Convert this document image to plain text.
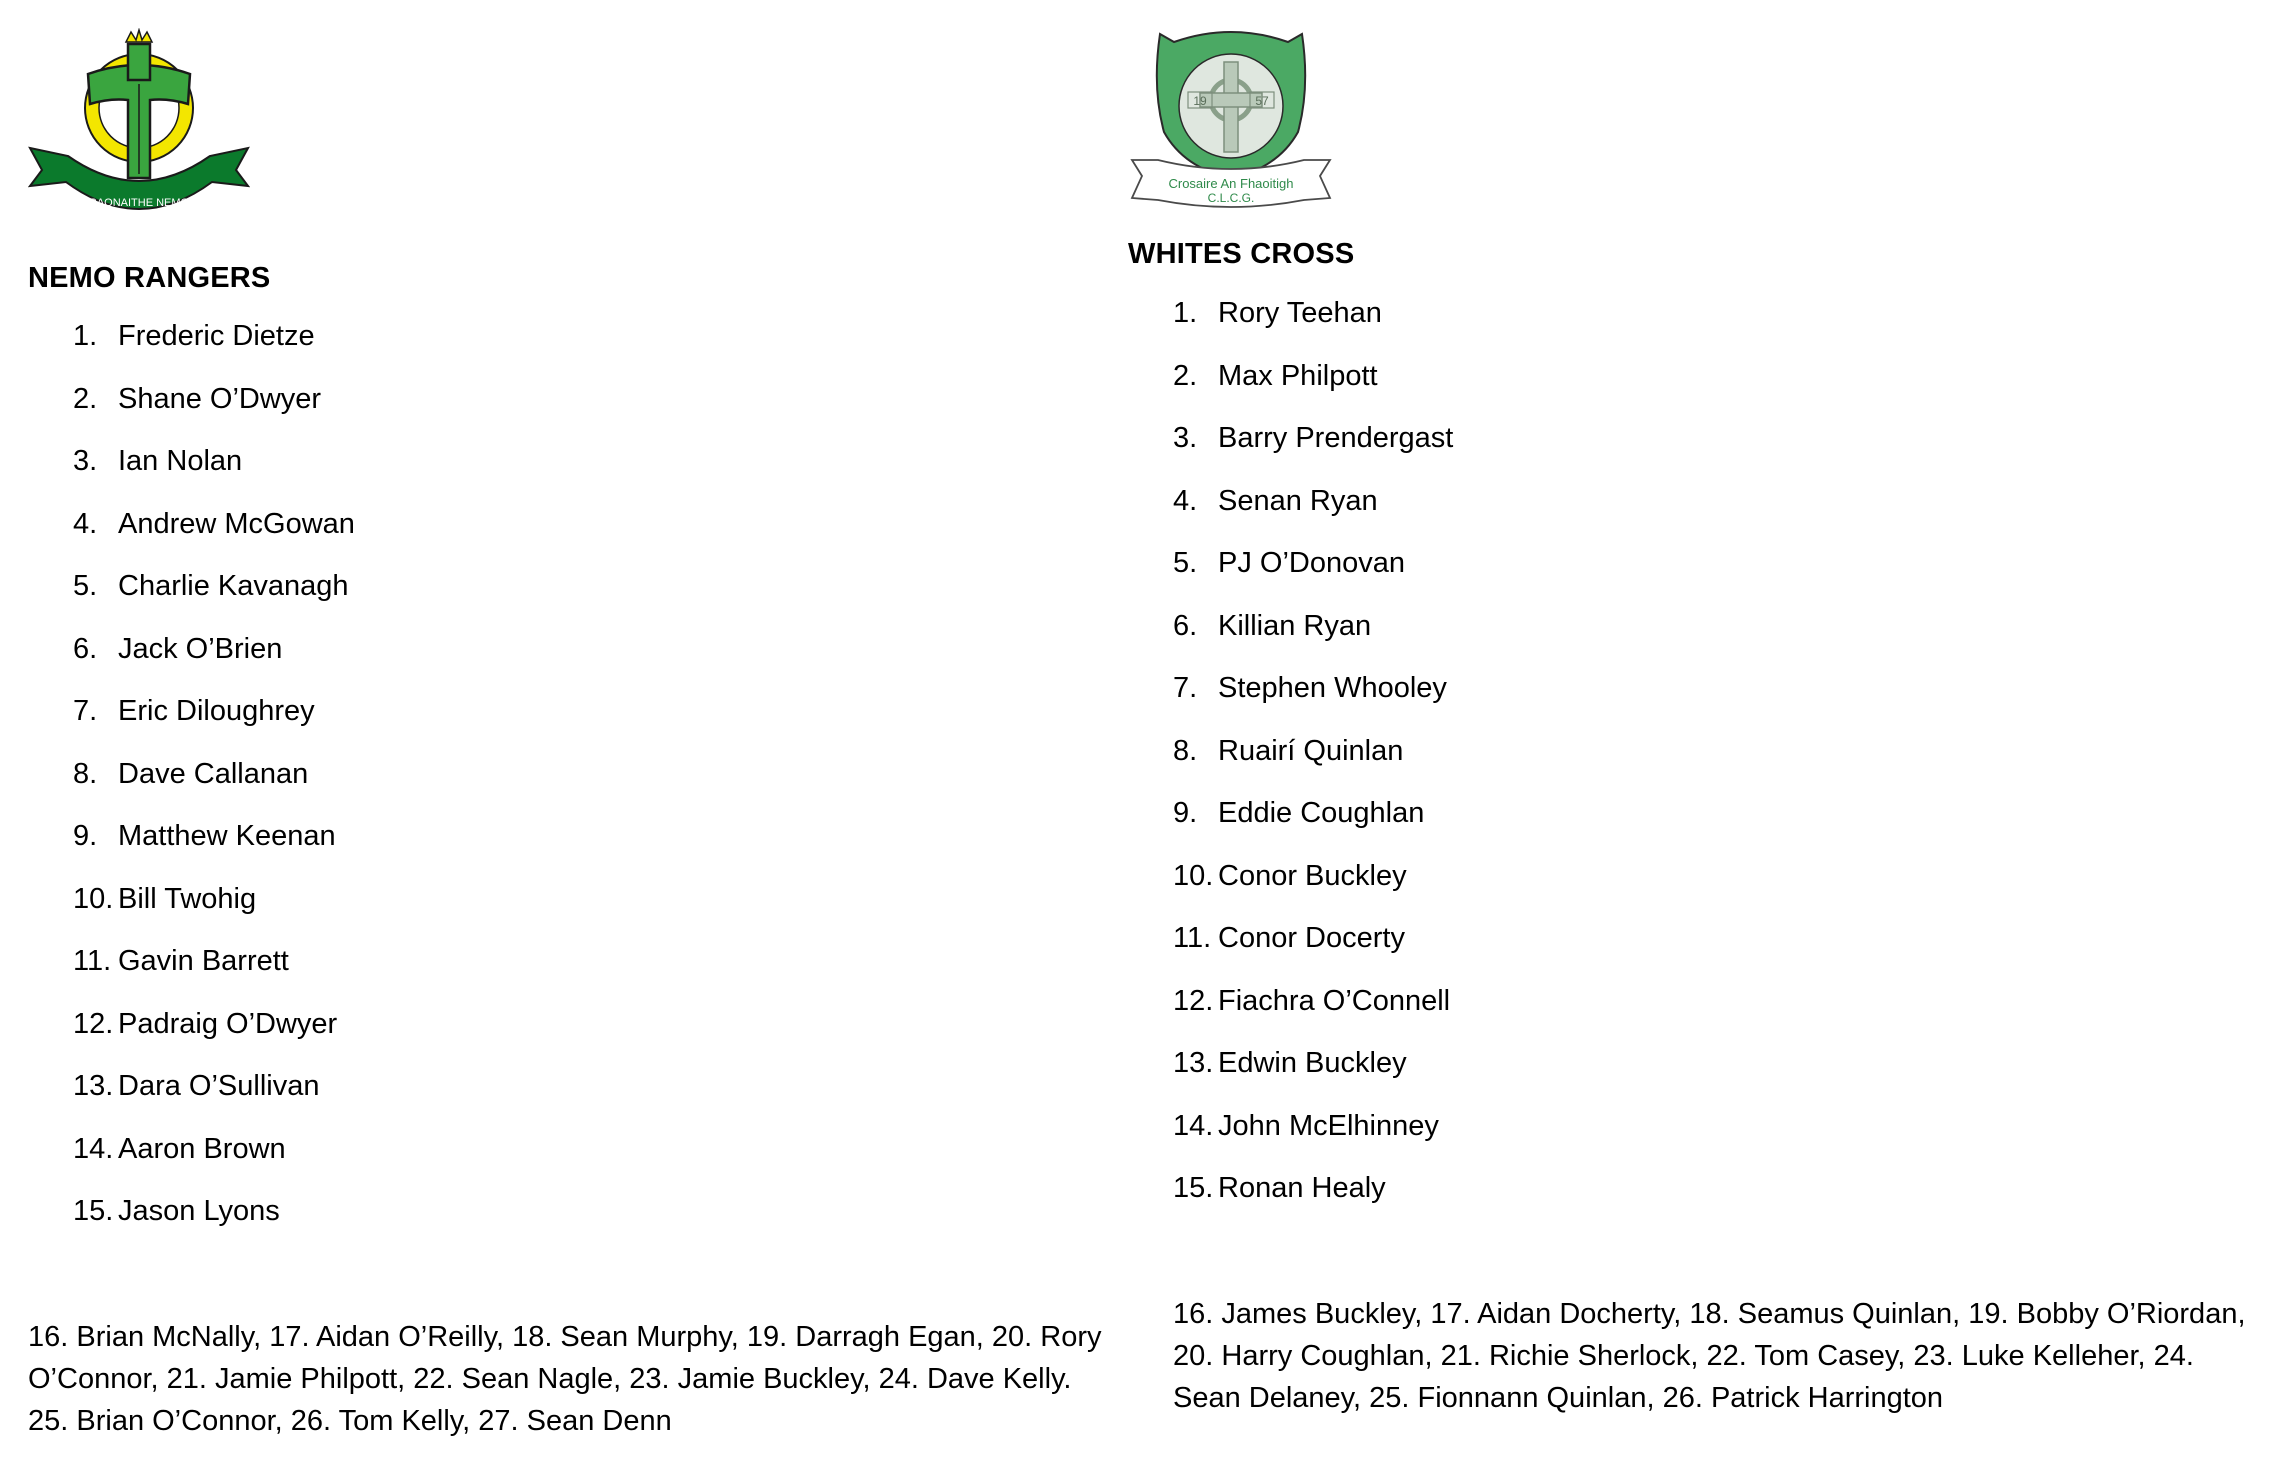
RAONAITHE NEMO
NEMO RANGERS
1. Frederic Dietze
2. Shane O’Dwyer
3. Ian Nolan
4. Andrew McGowan
5. Charlie Kavanagh
6. Jack O’Brien
7. Eric Diloughrey
8. Dave Callanan
9. Matthew Keenan
10. Bill Twohig
11. Gavin Barrett
12. Padraig O’Dwyer
13. Dara O’Sullivan
14. Aaron Brown
15. Jason Lyons

16. Brian McNally, 17. Aidan O’Reilly, 18. Sean Murphy, 19. Darragh Egan, 20. Rory O’Connor, 21. Jamie Philpott, 22. Sean Nagle, 23. Jamie Buckley, 24. Dave Kelly. 25. Brian O’Connor, 26. Tom Kelly, 27. Sean Denn

19	57
Crosaire An Fhaoitigh
C.L.C.G.
WHITES CROSS
1. Rory Teehan
2. Max Philpott
3. Barry Prendergast
4. Senan Ryan
5. PJ O’Donovan
6. Killian Ryan
7. Stephen Whooley
8. Ruairí Quinlan
9. Eddie Coughlan
10. Conor Buckley
11. Conor Docerty
12. Fiachra O’Connell
13. Edwin Buckley
14. John McElhinney
15. Ronan Healy

16. James Buckley, 17. Aidan Docherty, 18. Seamus Quinlan, 19. Bobby O’Riordan, 20. Harry Coughlan, 21. Richie Sherlock, 22. Tom Casey, 23. Luke Kelleher, 24. Sean Delaney, 25. Fionnann Quinlan, 26. Patrick Harrington
